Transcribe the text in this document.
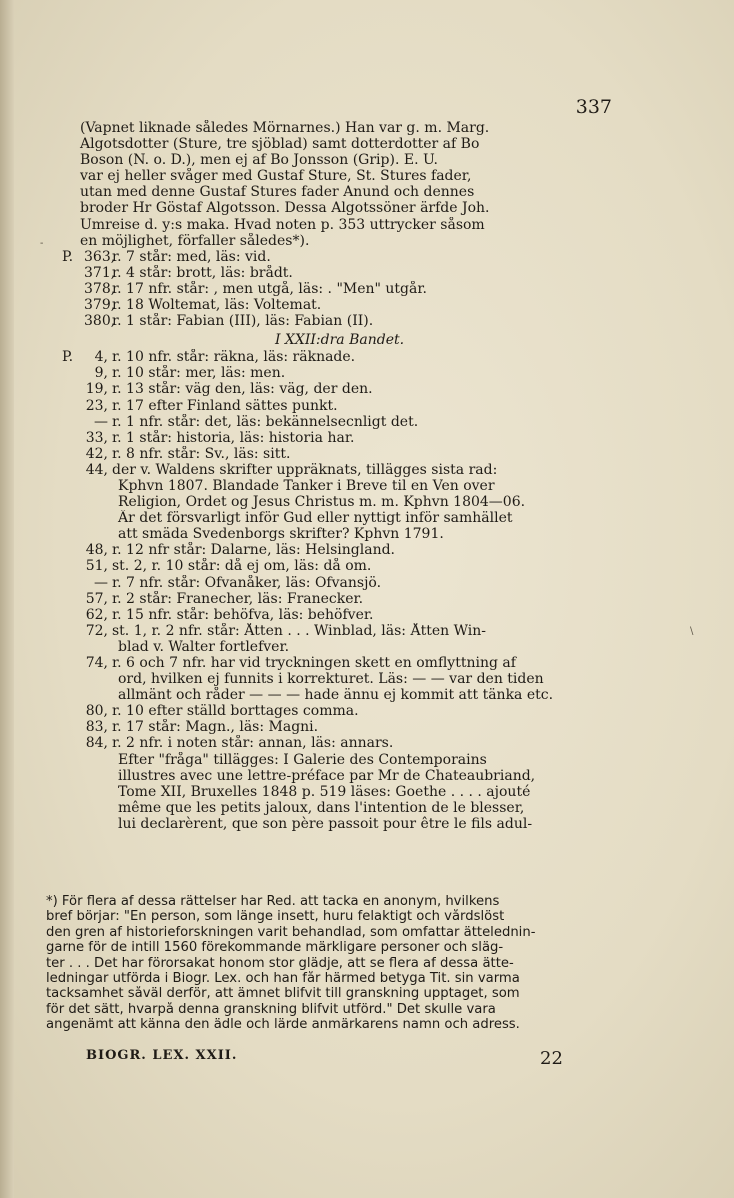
337
(Vapnet liknade således Mörnarnes.) Han var g. m. Marg.
Algotsdotter (Sture, tre sjöblad) samt dotterdotter af Bo
Boson (N. o. D.), men ej af Bo Jonsson (Grip). E. U.
var ej heller svåger med Gustaf Sture, St. Stures fader,
utan med denne Gustaf Stures fader Anund och dennes
broder Hr Göstaf Algotsson. Dessa Algotssöner ärfde Joh.
Umreise d. y:s maka. Hvad noten p. 353 uttrycker såsom
en möjlighet, förfaller således*).
P. 363,
r. 7 står: med, läs: vid.
371,
r. 4 står: brott, läs: brådt.
378,
r. 17 nfr. står: , men utgå, läs: . "Men" utgår.
379,
r. 18 Woltemat, läs: Voltemat.
380,
r. 1 står: Fabian (III), läs: Fabian (II).
I XXII:dra Bandet.
P.	4, r. 10 nfr. står: räkna, läs: räknade.
9, r. 10 står: mer, läs: men.
19, r. 13 står: väg den, läs: väg, der den.
23, r. 17 efter Finland sättes punkt.
— r. 1 nfr. står: det, läs: bekännelsecnligt det.
33, r. 1 står: historia, läs: historia har.
42, r. 8 nfr. står: Sv., läs: sitt.
44, der v. Waldens skrifter uppräknats, tillägges sista rad:
Kphvn 1807. Blandade Tanker i Breve til en Ven over
Religion, Ordet og Jesus Christus m. m. Kphvn 1804—06.
Är det försvarligt inför Gud eller nyttigt inför samhället
att smäda Svedenborgs skrifter? Kphvn 1791.
48, r. 12 nfr står: Dalarne, läs: Helsingland.
51, st. 2, r. 10 står: då ej om, läs: då om.
— r. 7 nfr. står: Ofvanåker, läs: Ofvansjö.
57, r. 2 står: Franecher, läs: Franecker.
62, r. 15 nfr. står: behöfva, läs: behöfver.
72, st. 1, r. 2 nfr. står: Åtten . . . Winblad, läs: Åtten Win-
blad v. Walter fortlefver.
74, r. 6 och 7 nfr. har vid tryckningen skett en omflyttning af
ord, hvilken ej funnits i korrekturet. Läs: — — var den tiden
allmänt och råder — — — hade ännu ej kommit att tänka etc.
80, r. 10 efter ställd borttages comma.
83, r. 17 står: Magn., läs: Magni.
84, r. 2 nfr. i noten står: annan, läs: annars.
Efter "fråga" tillägges: I Galerie des Contemporains
illustres avec une lettre-préface par Mr de Chateaubriand,
Tome XII, Bruxelles 1848 p. 519 läses: Goethe . . . . ajouté
même que les petits jaloux, dans l'intention de le blesser,
lui declarèrent, que son père passoit pour être le fils adul-
*) För flera af dessa rättelser har Red. att tacka en anonym, hvilkens
bref börjar: "En person, som länge insett, huru felaktigt och vårdslöst
den gren af historieforskningen varit behandlad, som omfattar ättelednin-
garne för de intill 1560 förekommande märkligare personer och släg-
ter . . . Det har förorsakat honom stor glädje, att se flera af dessa ätte-
ledningar utförda i Biogr. Lex. och han får härmed betyga Tit. sin varma
tacksamhet såväl derför, att ämnet blifvit till granskning upptaget, som
för det sätt, hvarpå denna granskning blifvit utförd." Det skulle vara
angenämt att känna den ädle och lärde anmärkarens namn och adress.
BIOGR. LEX. XXII.	22
-
\
